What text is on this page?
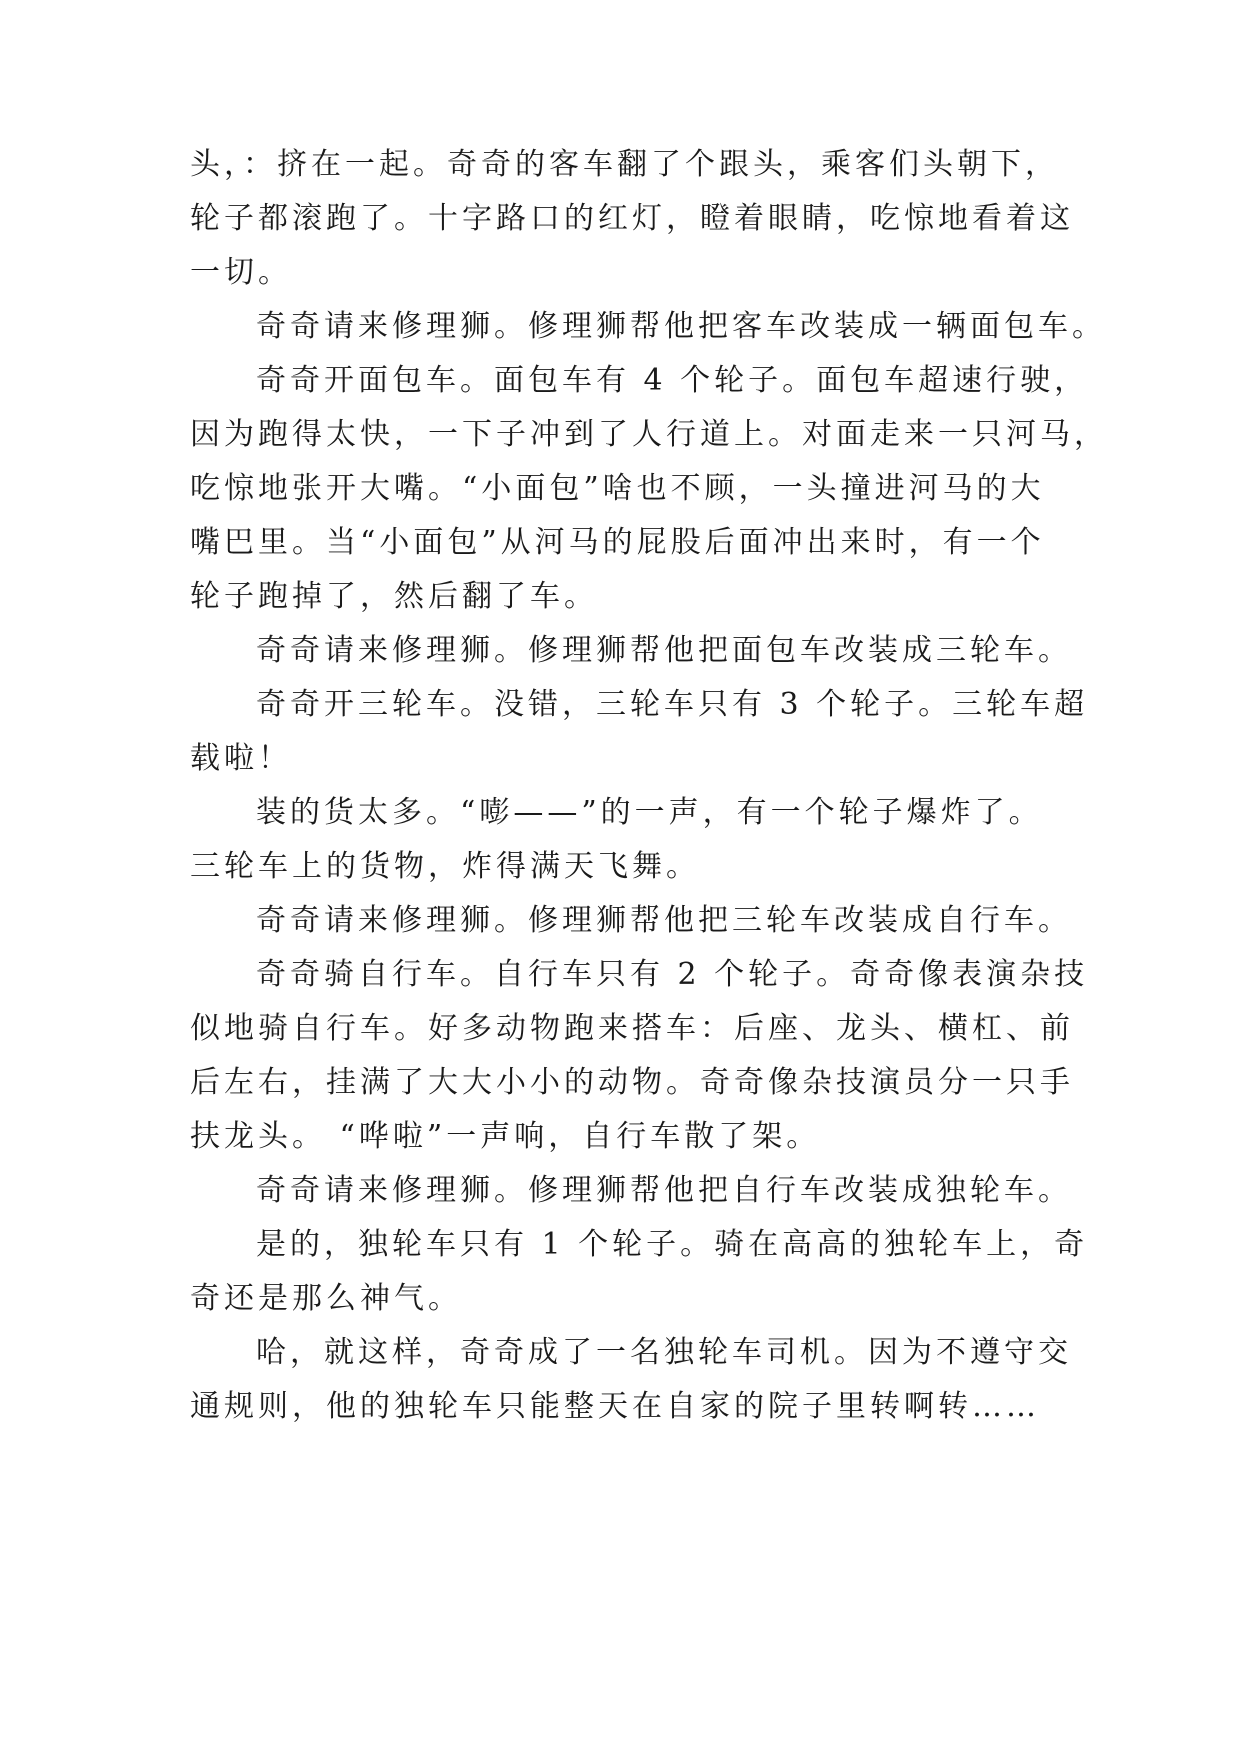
头，：挤在一起。奇奇的客车翻了个跟头，乘客们头朝下，
轮子都滚跑了。十字路口的红灯，瞪着眼睛，吃惊地看着这
一切。
奇奇请来修理狮。修理狮帮他把客车改装成一辆面包车。
奇奇开面包车。面包车有 4 个轮子。面包车超速行驶，
因为跑得太快，一下子冲到了人行道上。对面走来一只河马，
吃惊地张开大嘴。“小面包”啥也不顾，一头撞进河马的大
嘴巴里。当“小面包”从河马的屁股后面冲出来时，有一个
轮子跑掉了，然后翻了车。
奇奇请来修理狮。修理狮帮他把面包车改装成三轮车。
奇奇开三轮车。没错，三轮车只有 3 个轮子。三轮车超
载啦！
装的货太多。“嘭——”的一声，有一个轮子爆炸了。
三轮车上的货物，炸得满天飞舞。
奇奇请来修理狮。修理狮帮他把三轮车改装成自行车。
奇奇骑自行车。自行车只有 2 个轮子。奇奇像表演杂技
似地骑自行车。好多动物跑来搭车：后座、龙头、横杠、前
后左右，挂满了大大小小的动物。奇奇像杂技演员分一只手
扶龙头。 “哗啦”一声响，自行车散了架。
奇奇请来修理狮。修理狮帮他把自行车改装成独轮车。
是的，独轮车只有 1 个轮子。骑在高高的独轮车上，奇
奇还是那么神气。
哈，就这样，奇奇成了一名独轮车司机。因为不遵守交
通规则，他的独轮车只能整天在自家的院子里转啊转……
